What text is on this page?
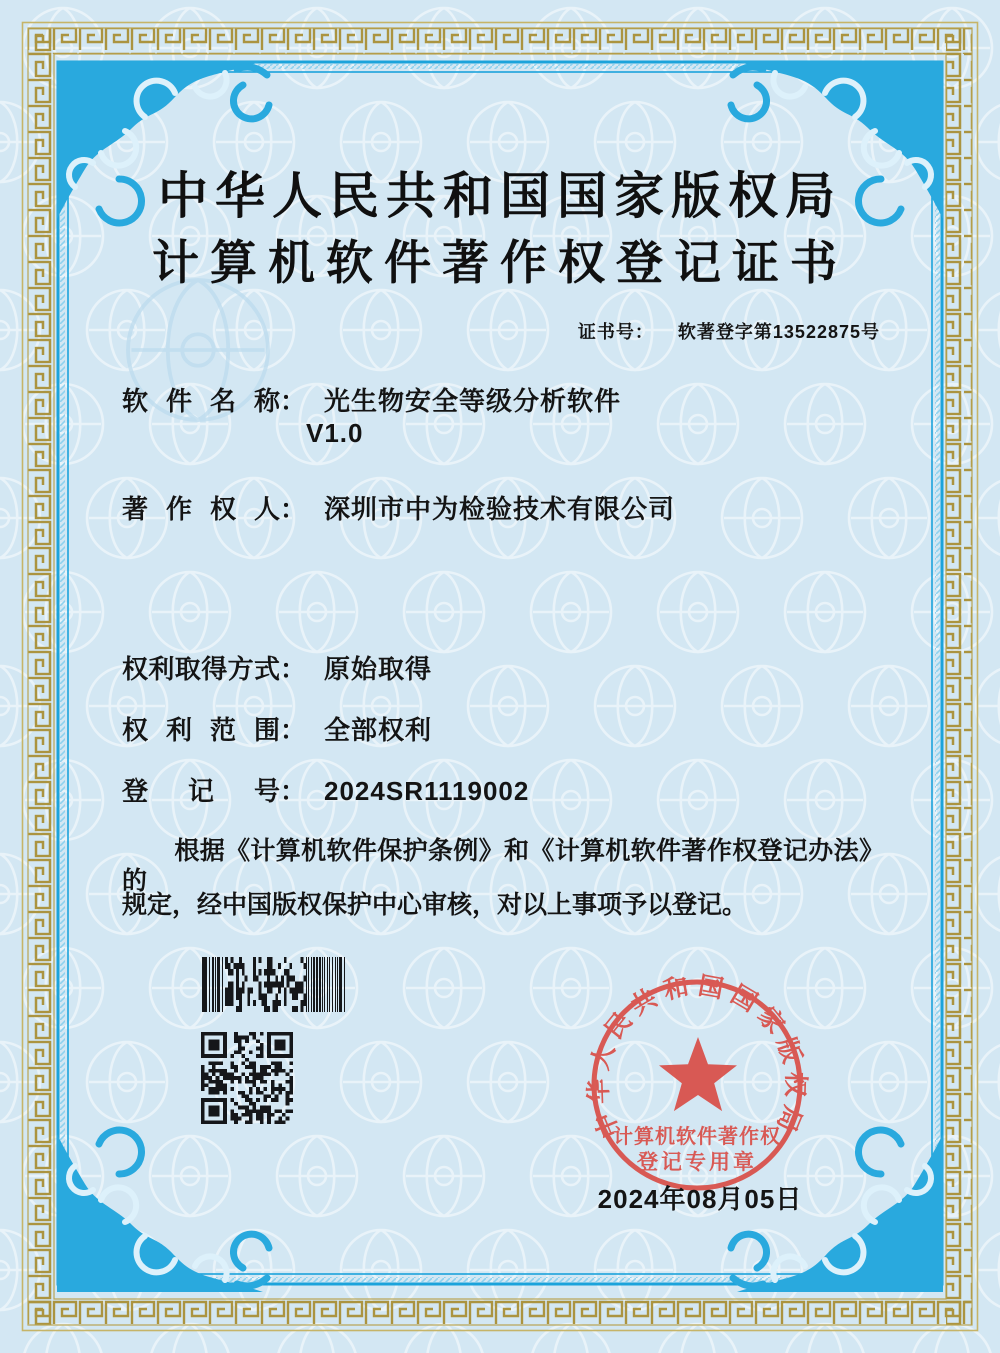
中华人民共和国国家版权局
计算机软件著作权登记证书
证书号： 软著登字第13522875号
软件名称： 光生物安全等级分析软件
V1.0
著作权人： 深圳市中为检验技术有限公司
权利取得方式： 原始取得
权利范围： 全部权利
登记号： 2024SR1119002
根据《计算机软件保护条例》和《计算机软件著作权登记办法》的
规定，经中国版权保护中心审核，对以上事项予以登记。
中华人民共和国国家版权局
计算机软件著作权
登记专用章
2024年08月05日
